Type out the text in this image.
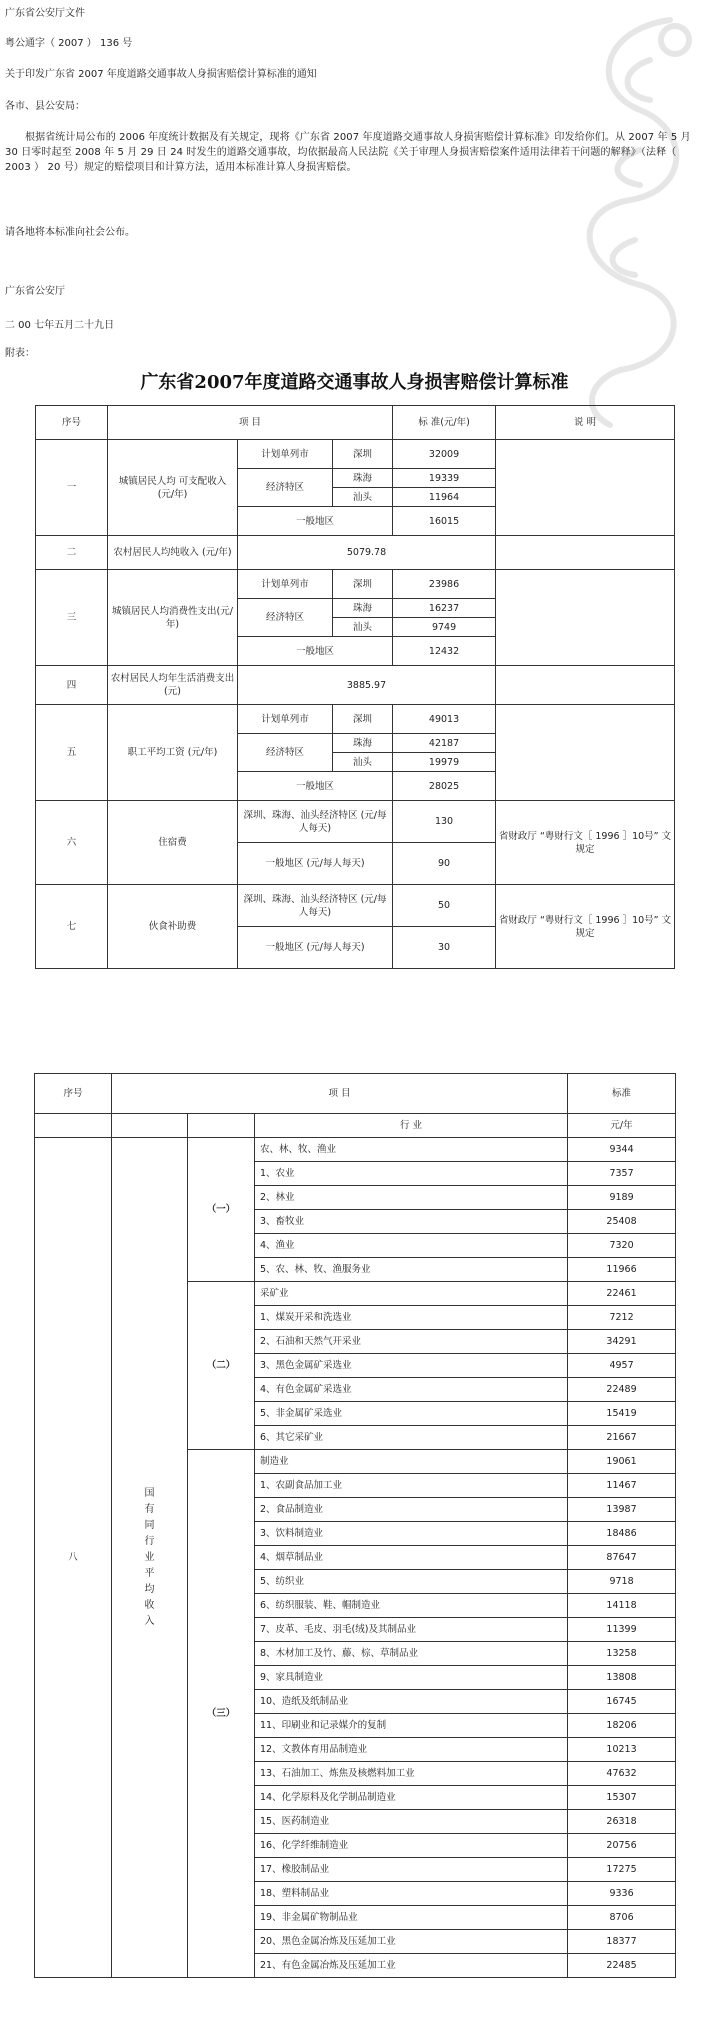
广东省公安厅文件
粤公通字（ 2007 ） 136 号
关于印发广东省 2007 年度道路交通事故人身损害赔偿计算标准的通知
各市、县公安局：
根据省统计局公布的 2006 年度统计数据及有关规定，现将《广东省 2007 年度道路交通事故人身损害赔偿计算标准》印发给你们。从 2007 年 5 月 30 日零时起至 2008 年 5 月 29 日 24 时发生的道路交通事故，均依据最高人民法院《关于审理人身损害赔偿案件适用法律若干问题的解释》（法释（ 2003 ） 20 号）规定的赔偿项目和计算方法，适用本标准计算人身损害赔偿。
请各地将本标准向社会公布。
广东省公安厅
二 00 七年五月二十九日
附表：
广东省2007年度道路交通事故人身损害赔偿计算标准
序号	项 目			标 准(元/年)	说 明
一	城镇居民人均 可支配收入 (元/年)	计划单列市	深圳	32009	
		经济特区	珠海	19339	
			汕头	11964	
		一般地区		16015	
二	农村居民人均纯收入 (元/年)	5079.78			
三	城镇居民人均消费性支出(元/年)	计划单列市	深圳	23986	
		经济特区	珠海	16237	
			汕头	9749	
		一般地区		12432	
四	农村居民人均年生活消费支出 (元)	3885.97			
五	职工平均工资 (元/年)	计划单列市	深圳	49013	
		经济特区	珠海	42187	
			汕头	19979	
		一般地区		28025	
六	住宿费	深圳、珠海、汕头经济特区 (元/每人每天)		130	省财政厅 “粤财行文［ 1996 ］10号” 文规定
		一般地区 (元/每人每天)		90	
七	伙食补助费	深圳、珠海、汕头经济特区 (元/每人每天)		50	省财政厅 “粤财行文［ 1996 ］10号” 文规定
		一般地区 (元/每人每天)		30	
序号	项 目			标准
			行 业	元/年
八	国有同行业平均收入	（一）	农、林、牧、渔业	9344
			1、农业	7357
			2、林业	9189
			3、畜牧业	25408
			4、渔业	7320
			5、农、林、牧、渔服务业	11966
		（二）	采矿业	22461
			1、煤炭开采和洗选业	7212
			2、石油和天然气开采业	34291
			3、黑色金属矿采选业	4957
			4、有色金属矿采选业	22489
			5、非金属矿采选业	15419
			6、其它采矿业	21667
		（三）	制造业	19061
			1、农副食品加工业	11467
			2、食品制造业	13987
			3、饮料制造业	18486
			4、烟草制品业	87647
			5、纺织业	9718
			6、纺织服装、鞋、帽制造业	14118
			7、皮革、毛皮、羽毛(绒)及其制品业	11399
			8、木材加工及竹、藤、棕、草制品业	13258
			9、家具制造业	13808
			10、造纸及纸制品业	16745
			11、印刷业和记录媒介的复制	18206
			12、文教体育用品制造业	10213
			13、石油加工、炼焦及核燃料加工业	47632
			14、化学原料及化学制品制造业	15307
			15、医药制造业	26318
			16、化学纤维制造业	20756
			17、橡胶制品业	17275
			18、塑料制品业	9336
			19、非金属矿物制品业	8706
			20、黑色金属冶炼及压延加工业	18377
			21、有色金属冶炼及压延加工业	22485
